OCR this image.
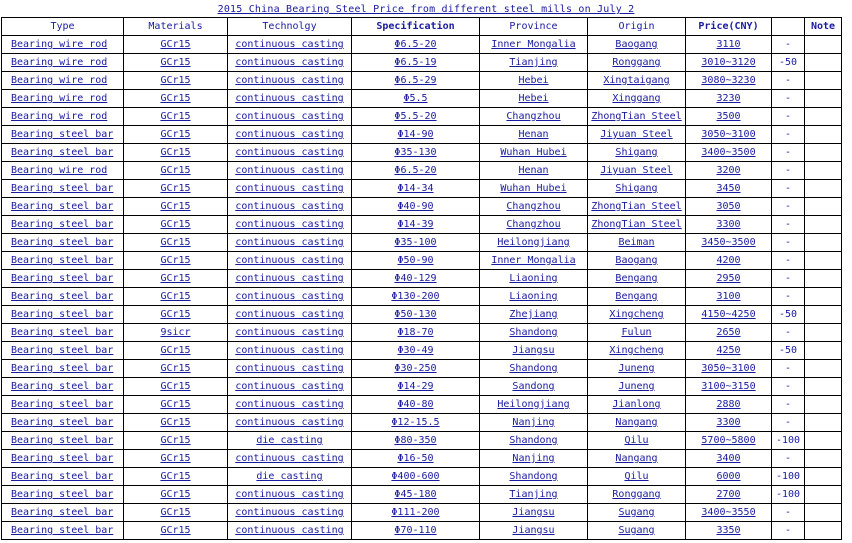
2015 China Bearing Steel Price from different steel mills on July 2
Type	Materials	Technolgy	Specification	Province	Origin	Price(CNY)		Note
Bearing wire rod	GCr15	continuous casting	Φ6.5-20	Inner Mongalia	Baogang	3110	-	
Bearing wire rod	GCr15	continuous casting	Φ6.5-19	Tianjing	Ronggang	3010~3120	-50	
Bearing wire rod	GCr15	continuous casting	Φ6.5-29	Hebei	Xingtaigang	3080~3230	-	
Bearing wire rod	GCr15	continuous casting	Φ5.5	Hebei	Xinggang	3230	-	
Bearing wire rod	GCr15	continuous casting	Φ5.5-20	Changzhou	ZhongTian Steel	3500	-	
Bearing steel bar	GCr15	continuous casting	Φ14-90	Henan	Jiyuan Steel	3050~3100	-	
Bearing steel bar	GCr15	continuous casting	Φ35-130	Wuhan Hubei	Shigang	3400~3500	-	
Bearing wire rod	GCr15	continuous casting	Φ6.5-20	Henan	Jiyuan Steel	3200	-	
Bearing steel bar	GCr15	continuous casting	Φ14-34	Wuhan Hubei	Shigang	3450	-	
Bearing steel bar	GCr15	continuous casting	Φ40-90	Changzhou	ZhongTian Steel	3050	-	
Bearing steel bar	GCr15	continuous casting	Φ14-39	Changzhou	ZhongTian Steel	3300	-	
Bearing steel bar	GCr15	continuous casting	Φ35-100	Heilongjiang	Beiman	3450~3500	-	
Bearing steel bar	GCr15	continuous casting	Φ50-90	Inner Mongalia	Baogang	4200	-	
Bearing steel bar	GCr15	continuous casting	Φ40-129	Liaoning	Bengang	2950	-	
Bearing steel bar	GCr15	continuous casting	Φ130-200	Liaoning	Bengang	3100	-	
Bearing steel bar	GCr15	continuous casting	Φ50-130	Zhejiang	Xingcheng	4150~4250	-50	
Bearing steel bar	9sicr	continuous casting	Φ18-70	Shandong	Fulun	2650	-	
Bearing steel bar	GCr15	continuous casting	Φ30-49	Jiangsu	Xingcheng	4250	-50	
Bearing steel bar	GCr15	continuous casting	Φ30-250	Shandong	Juneng	3050~3100	-	
Bearing steel bar	GCr15	continuous casting	Φ14-29	Sandong	Juneng	3100~3150	-	
Bearing steel bar	GCr15	continuous casting	Φ40-80	Heilongjiang	Jianlong	2880	-	
Bearing steel bar	GCr15	continuous casting	Φ12-15.5	Nanjing	Nangang	3300	-	
Bearing steel bar	GCr15	die casting	Φ80-350	Shandong	Qilu	5700~5800	-100	
Bearing steel bar	GCr15	continuous casting	Φ16-50	Nanjing	Nangang	3400	-	
Bearing steel bar	GCr15	die casting	Φ400-600	Shandong	Qilu	6000	-100	
Bearing steel bar	GCr15	continuous casting	Φ45-180	Tianjing	Ronggang	2700	-100	
Bearing steel bar	GCr15	continuous casting	Φ111-200	Jiangsu	Sugang	3400~3550	-	
Bearing steel bar	GCr15	continuous casting	Φ70-110	Jiangsu	Sugang	3350	-	
